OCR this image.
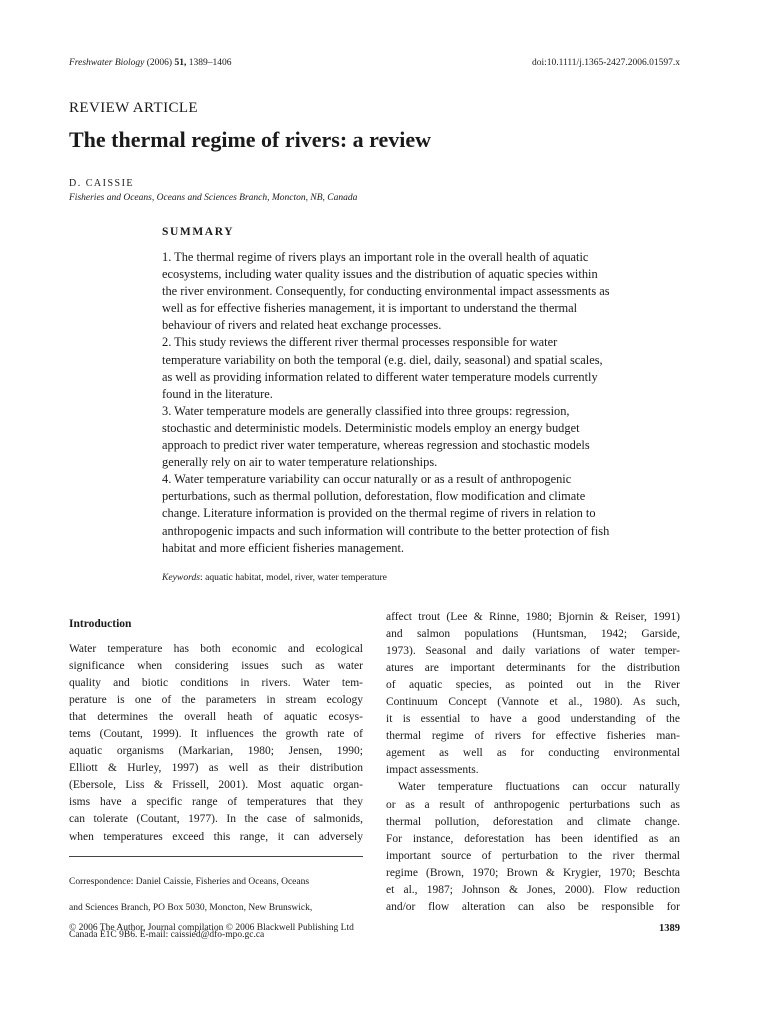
Freshwater Biology (2006) 51, 1389–1406	doi:10.1111/j.1365-2427.2006.01597.x
REVIEW ARTICLE
The thermal regime of rivers: a review
D. CAISSIE
Fisheries and Oceans, Oceans and Sciences Branch, Moncton, NB, Canada
SUMMARY

1. The thermal regime of rivers plays an important role in the overall health of aquatic

ecosystems, including water quality issues and the distribution of aquatic species within

the river environment. Consequently, for conducting environmental impact assessments as

well as for effective fisheries management, it is important to understand the thermal

behaviour of rivers and related heat exchange processes.

2. This study reviews the different river thermal processes responsible for water

temperature variability on both the temporal (e.g. diel, daily, seasonal) and spatial scales,

as well as providing information related to different water temperature models currently

found in the literature.

3. Water temperature models are generally classified into three groups: regression,

stochastic and deterministic models. Deterministic models employ an energy budget

approach to predict river water temperature, whereas regression and stochastic models

generally rely on air to water temperature relationships.

4. Water temperature variability can occur naturally or as a result of anthropogenic

perturbations, such as thermal pollution, deforestation, flow modification and climate

change. Literature information is provided on the thermal regime of rivers in relation to

anthropogenic impacts and such information will contribute to the better protection of fish

habitat and more efficient fisheries management.

Keywords: aquatic habitat, model, river, water temperature
Introduction

Water temperature has both economic and ecological

significance when considering issues such as water

quality and biotic conditions in rivers. Water tem-

perature is one of the parameters in stream ecology

that determines the overall heath of aquatic ecosys-

tems (Coutant, 1999). It influences the growth rate of

aquatic organisms (Markarian, 1980; Jensen, 1990;

Elliott & Hurley, 1997) as well as their distribution

(Ebersole, Liss & Frissell, 2001). Most aquatic organ-

isms have a specific range of temperatures that they

can tolerate (Coutant, 1977). In the case of salmonids,

when temperatures exceed this range, it can adversely

affect trout (Lee & Rinne, 1980; Bjornin & Reiser, 1991)

and salmon populations (Huntsman, 1942; Garside,

1973). Seasonal and daily variations of water temper-

atures are important determinants for the distribution

of aquatic species, as pointed out in the River

Continuum Concept (Vannote et al., 1980). As such,

it is essential to have a good understanding of the

thermal regime of rivers for effective fisheries man-

agement as well as for conducting environmental

impact assessments.

Water temperature fluctuations can occur naturally

or as a result of anthropogenic perturbations such as

thermal pollution, deforestation and climate change.

For instance, deforestation has been identified as an

important source of perturbation to the river thermal

regime (Brown, 1970; Brown & Krygier, 1970; Beschta

et al., 1987; Johnson & Jones, 2000). Flow reduction

and/or flow alteration can also be responsible for

Correspondence: Daniel Caissie, Fisheries and Oceans, Oceans

and Sciences Branch, PO Box 5030, Moncton, New Brunswick,

Canada E1C 9B6. E-mail: caissied@dfo-mpo.gc.ca

© 2006 The Author, Journal compilation © 2006 Blackwell Publishing Ltd	1389
